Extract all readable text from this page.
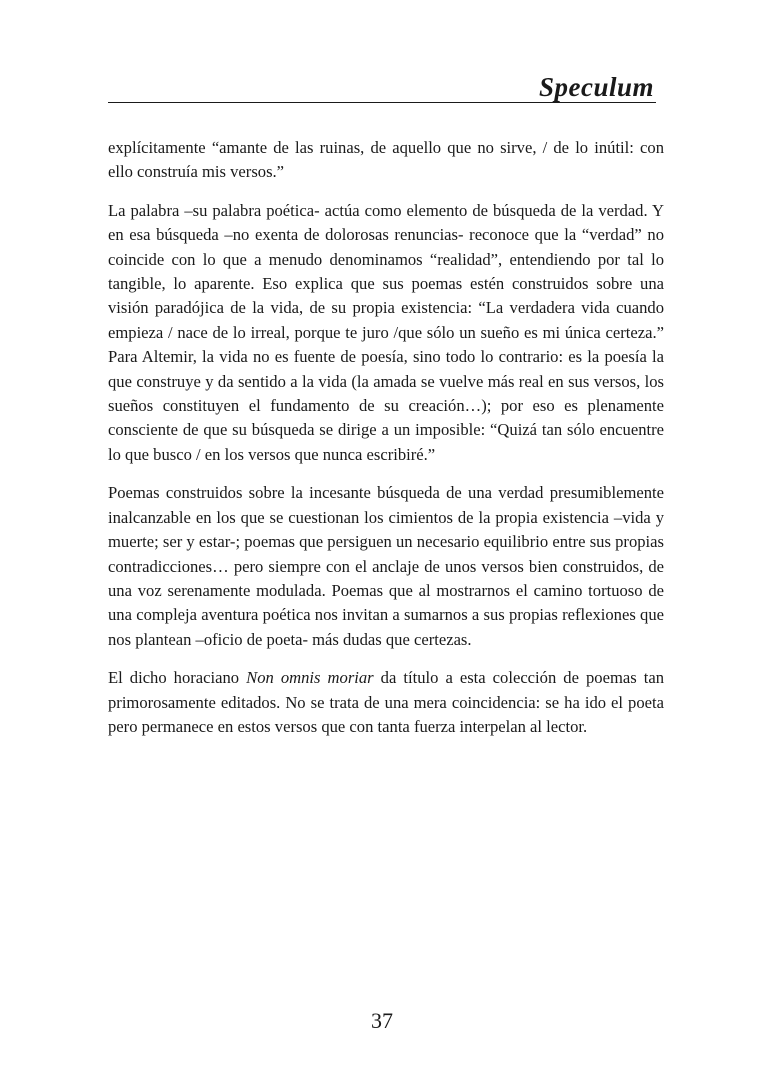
Speculum

explícitamente “amante de las ruinas, de aquello que no sirve, / de lo inútil: con ello construía mis versos.”

La palabra –su palabra poética- actúa como elemento de búsqueda de la verdad. Y en esa búsqueda –no exenta de dolorosas renuncias- reconoce que la “verdad” no coincide con lo que a menudo denominamos “realidad”, entendiendo por tal lo tangible, lo aparente. Eso explica que sus poemas estén construidos sobre una visión paradójica de la vida, de su propia existencia: “La verdadera vida cuando empieza / nace de lo irreal, porque te juro /que sólo un sueño es mi única certeza.” Para Altemir, la vida no es fuente de poesía, sino todo lo contrario: es la poesía la que construye y da sentido a la vida (la amada se vuelve más real en sus versos, los sueños constituyen el fundamento de su creación…); por eso es plenamente consciente de que su búsqueda se dirige a un imposible: “Quizá tan sólo encuentre lo que busco / en los versos que nunca escribiré.”

Poemas construidos sobre la incesante búsqueda de una verdad presumiblemente inalcanzable en los que se cuestionan los cimientos de la propia existencia –vida y muerte; ser y estar-; poemas que persiguen un necesario equilibrio entre sus propias contradicciones… pero siempre con el anclaje de unos versos bien construidos, de una voz serenamente modulada. Poemas que al mostrarnos el camino tortuoso de una compleja aventura poética nos invitan a sumarnos a sus propias reflexiones que nos plantean –oficio de poeta- más dudas que certezas.

El dicho horaciano Non omnis moriar da título a esta colección de poemas tan primorosamente editados. No se trata de una mera coincidencia: se ha ido el poeta pero permanece en estos versos que con tanta fuerza interpelan al lector.

37
